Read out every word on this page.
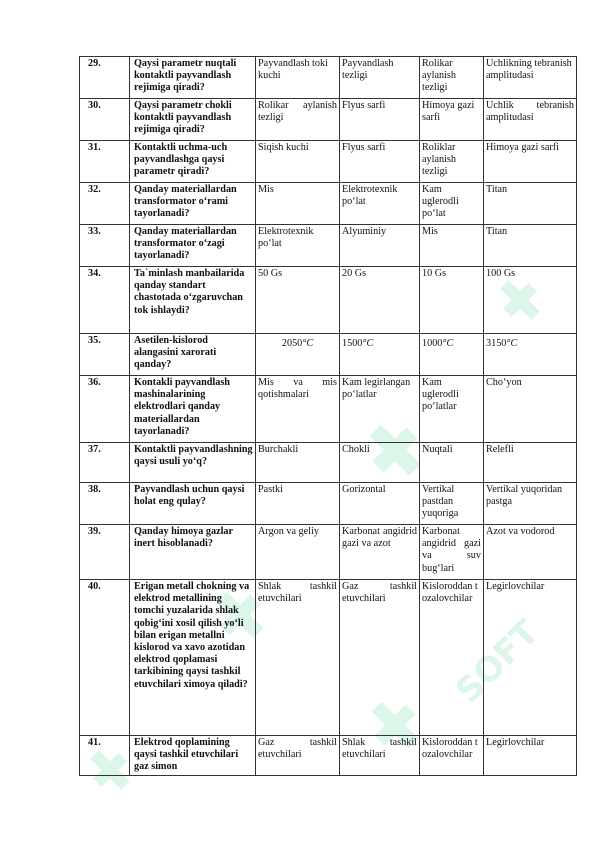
SOFT
29.	Qaysi parametr nuqtali kontaktli payvandlash rejimiga qiradi?	Payvandlash toki kuchi	Payvandlash tezligi	Rolikar aylanish tezligi	Uchlikning tebranish amplitudasi
30.	Qaysi parametr chokli kontaktli payvandlash rejimiga qiradi?	Rolikar aylanish tezligi	Flyus sarfi	Himoya gazi sarfi	Uchlik tebranish amplitudasi
31.	Kontaktli uchma-uch payvandlashga qaysi parametr qiradi?	Siqish kuchi	Flyus sarfi	Roliklar aylanish tezligi	Himoya gazi sarfi
32.	Qanday materiallardan transformator o‘rami tayorlanadi?	Mis	Elektrotexnik po‘lat	Kam uglerodli po‘lat	Titan
33.	Qanday materiallardan transformator o‘zagi tayorlanadi?	Elektrotexnik po‘lat	Alyuminiy	Mis	Titan
34.	Ta`minlash manbailarida qanday standart chastotada o‘zgaruvchan tok ishlaydi?	50 Gs	20 Gs	10 Gs	100 Gs
35.	Asetilen-kislorod alangasini xarorati qanday?	2050°C	1500°C	1000°C	3150°C
36.	Kontakli payvandlash mashinalarining elektrodlari qanday materiallardan tayorlanadi?	Mis va mis qotishmalari	Kam legirlangan po‘latlar	Kam uglerodli po‘latlar	Cho‘yon
37.	Kontaktli payvandlashning qaysi usuli yo‘q?	Burchakli	Chokli	Nuqtali	Relefli
38.	Payvandlash uchun qaysi holat eng qulay?	Pastki	Gorizontal	Vertikal pastdan yuqoriga	Vertikal yuqoridan pastga
39.	Qanday himoya gazlar inert hisoblanadi?	Argon va geliy	Karbonat angidrid gazi va azot	Karbonat angidrid gazi va suv bug‘lari	Azot va vodorod
40.	Erigan metall chokning va elektrod metallining tomchi yuzalarida shlak qobig‘ini xosil qilish yo‘li bilan erigan metallni kislorod va xavo azotidan elektrod qoplamasi tarkibining qaysi tashkil etuvchilari ximoya qiladi?	Shlak tashkil etuvchilari	Gaz tashkil etuvchilari	Kisloroddan tozalovchilar	Legirlovchilar
41.	Elektrod qoplamining qaysi tashkil etuvchilari gaz simon	Gaz tashkil etuvchilari	Shlak tashkil etuvchilari	Kisloroddan tozalovchilar	Legirlovchilar
